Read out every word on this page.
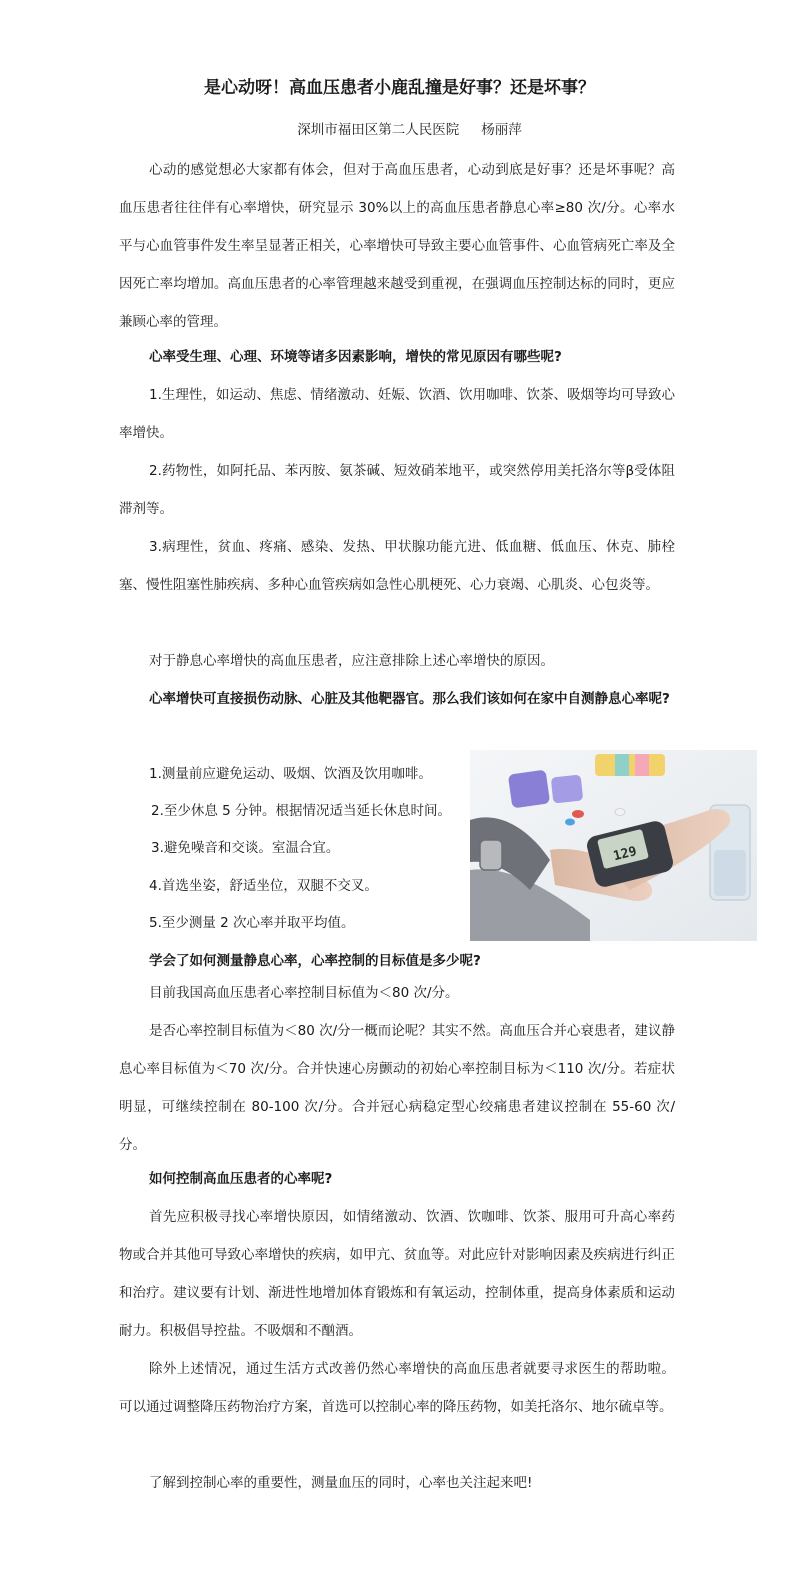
是心动呀！高血压患者小鹿乱撞是好事？还是坏事？
深圳市福田区第二人民医院 杨丽萍
心动的感觉想必大家都有体会，但对于高血压患者，心动到底是好事？还是坏事呢？高血压患者往往伴有心率增快，研究显示 30%以上的高血压患者静息心率≥80 次/分。心率水平与心血管事件发生率呈显著正相关，心率增快可导致主要心血管事件、心血管病死亡率及全因死亡率均增加。高血压患者的心率管理越来越受到重视，在强调血压控制达标的同时，更应兼顾心率的管理。
心率受生理、心理、环境等诸多因素影响，增快的常见原因有哪些呢?
1.生理性，如运动、焦虑、情绪激动、妊娠、饮酒、饮用咖啡、饮茶、吸烟等均可导致心率增快。
2.药物性，如阿托品、苯丙胺、氨茶碱、短效硝苯地平，或突然停用美托洛尔等β受体阻滞剂等。
3.病理性，贫血、疼痛、感染、发热、甲状腺功能亢进、低血糖、低血压、休克、肺栓塞、慢性阻塞性肺疾病、多种心血管疾病如急性心肌梗死、心力衰竭、心肌炎、心包炎等。
对于静息心率增快的高血压患者，应注意排除上述心率增快的原因。
心率增快可直接损伤动脉、心脏及其他靶器官。那么我们该如何在家中自测静息心率呢?
1.测量前应避免运动、吸烟、饮酒及饮用咖啡。
2.至少休息 5 分钟。根据情况适当延长休息时间。
3.避免噪音和交谈。室温合宜。
4.首选坐姿，舒适坐位，双腿不交叉。
5.至少测量 2 次心率并取平均值。
129
学会了如何测量静息心率，心率控制的目标值是多少呢?
目前我国高血压患者心率控制目标值为＜80 次/分。
是否心率控制目标值为＜80 次/分一概而论呢？其实不然。高血压合并心衰患者，建议静息心率目标值为＜70 次/分。合并快速心房颤动的初始心率控制目标为＜110 次/分。若症状明显，可继续控制在 80-100 次/分。合并冠心病稳定型心绞痛患者建议控制在 55-60 次/分。
如何控制高血压患者的心率呢?
首先应积极寻找心率增快原因，如情绪激动、饮酒、饮咖啡、饮茶、服用可升高心率药物或合并其他可导致心率增快的疾病，如甲亢、贫血等。对此应针对影响因素及疾病进行纠正和治疗。建议要有计划、渐进性地增加体育锻炼和有氧运动，控制体重，提高身体素质和运动耐力。积极倡导控盐。不吸烟和不酗酒。
除外上述情况，通过生活方式改善仍然心率增快的高血压患者就要寻求医生的帮助啦。可以通过调整降压药物治疗方案，首选可以控制心率的降压药物，如美托洛尔、地尔硫卓等。
了解到控制心率的重要性，测量血压的同时，心率也关注起来吧!
